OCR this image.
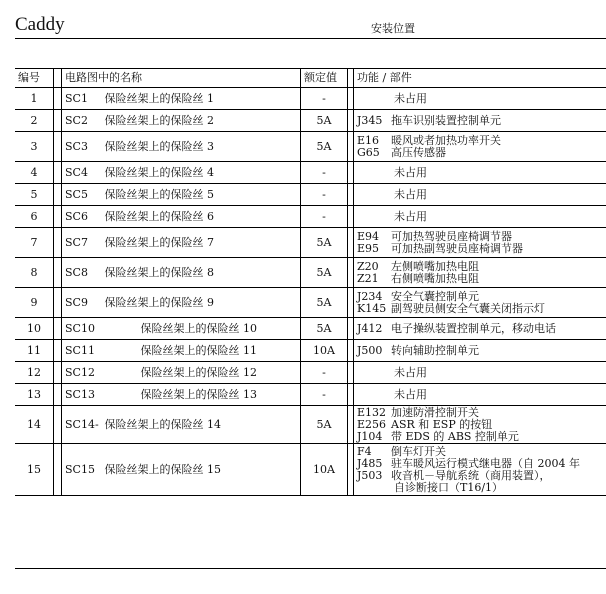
Caddy	安装位置
编号		电路图中的名称	额定值		功能 / 部件
1		SC1 保险丝架上的保险丝 1	-		未占用

2		SC2 保险丝架上的保险丝 2	5A		J345 拖车识别装置控制单元

3		SC3 保险丝架上的保险丝 3	5A		E16 暖风或者加热功率开关
G65 高压传感器

4		SC4 保险丝架上的保险丝 4	-		未占用

5		SC5 保险丝架上的保险丝 5	-		未占用

6		SC6 保险丝架上的保险丝 6	-		未占用

7		SC7 保险丝架上的保险丝 7	5A		E94 可加热驾驶员座椅调节器
E95 可加热副驾驶员座椅调节器

8		SC8 保险丝架上的保险丝 8	5A		Z20 左侧喷嘴加热电阻
Z21 右侧喷嘴加热电阻

9		SC9 保险丝架上的保险丝 9	5A		J234 安全气囊控制单元
K145 副驾驶员侧安全气囊关闭指示灯

10		SC10 保险丝架上的保险丝 10	5A		J412 电子操纵装置控制单元，移动电话

11		SC11 保险丝架上的保险丝 11	10A		J500 转向辅助控制单元

12		SC12 保险丝架上的保险丝 12	-		未占用

13		SC13 保险丝架上的保险丝 13	-		未占用

14		SC14- 保险丝架上的保险丝 14	5A		E132 加速防滑控制开关
E256 ASR 和 ESP 的按钮
J104 带 EDS 的 ABS 控制单元

15		SC15 保险丝架上的保险丝 15	10A		F4 倒车灯开关
J485 驻车暖风运行模式继电器（自 2004 年
J503 收音机－导航系统（商用装置），
自诊断接口（T16/1）
